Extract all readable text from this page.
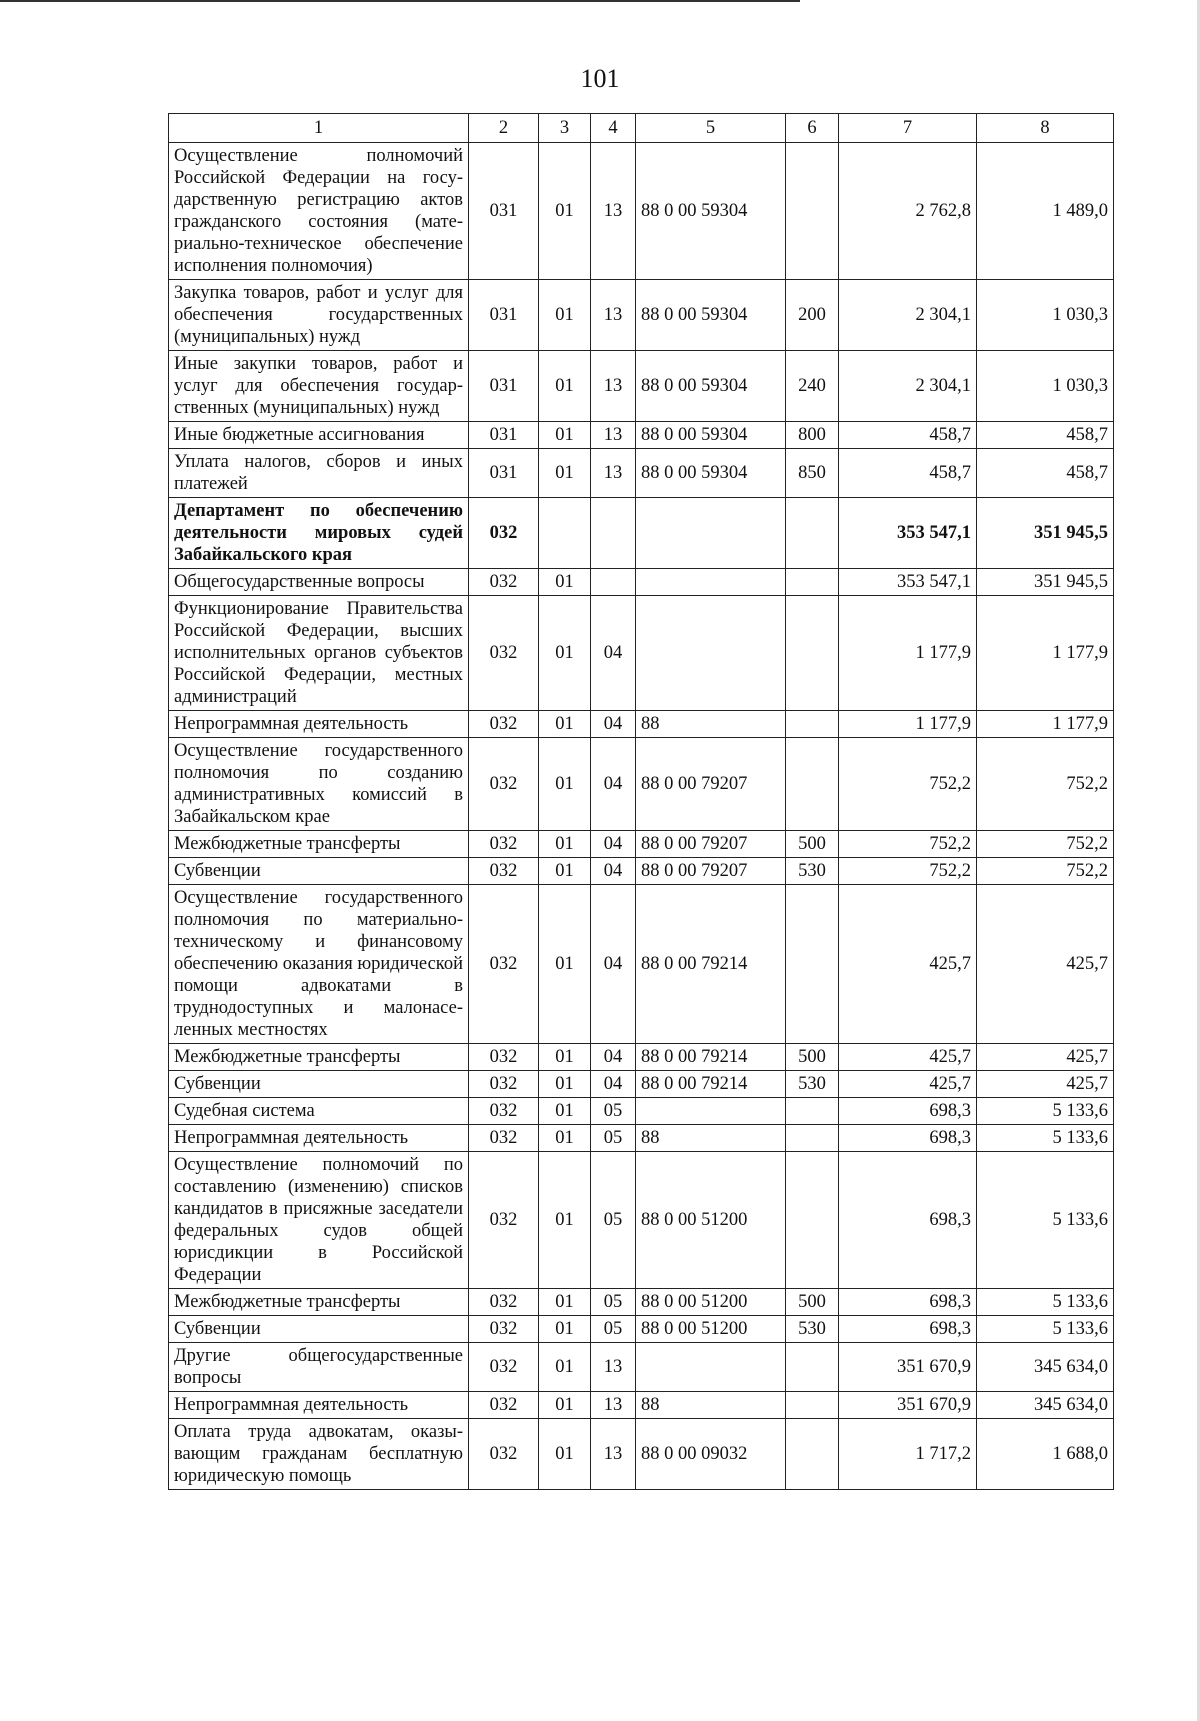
101
1	2	3	4	5	6	7	8
Осуществление полномочий Российской Федерации на государственную регистрацию актов гражданского состояния (материально-техническое обеспечение исполнения полномочия)	031	01	13	88 0 00 59304		2 762,8	1 489,0
Закупка товаров, работ и услуг для обеспечения государственных (муниципальных) нужд	031	01	13	88 0 00 59304	200	2 304,1	1 030,3
Иные закупки товаров, работ и услуг для обеспечения государственных (муниципальных) нужд	031	01	13	88 0 00 59304	240	2 304,1	1 030,3
Иные бюджетные ассигнования	031	01	13	88 0 00 59304	800	458,7	458,7
Уплата налогов, сборов и иных платежей	031	01	13	88 0 00 59304	850	458,7	458,7
Департамент по обеспечению деятельности мировых судей Забайкальского края	032					353 547,1	351 945,5
Общегосударственные вопросы	032	01				353 547,1	351 945,5
Функционирование Правительства Российской Федерации, высших исполнительных органов субъектов Российской Федерации, местных администраций	032	01	04			1 177,9	1 177,9
Непрограммная деятельность	032	01	04	88		1 177,9	1 177,9
Осуществление государственного полномочия по созданию административных комиссий в Забайкальском крае	032	01	04	88 0 00 79207		752,2	752,2
Межбюджетные трансферты	032	01	04	88 0 00 79207	500	752,2	752,2
Субвенции	032	01	04	88 0 00 79207	530	752,2	752,2
Осуществление государственного полномочия по материально-техническому и финансовому обеспечению оказания юридической помощи адвокатами в труднодоступных и малонаселенных местностях	032	01	04	88 0 00 79214		425,7	425,7
Межбюджетные трансферты	032	01	04	88 0 00 79214	500	425,7	425,7
Субвенции	032	01	04	88 0 00 79214	530	425,7	425,7
Судебная система	032	01	05			698,3	5 133,6
Непрограммная деятельность	032	01	05	88		698,3	5 133,6
Осуществление полномочий по составлению (изменению) списков кандидатов в присяжные заседатели федеральных судов общей юрисдикции в Российской Федерации	032	01	05	88 0 00 51200		698,3	5 133,6
Межбюджетные трансферты	032	01	05	88 0 00 51200	500	698,3	5 133,6
Субвенции	032	01	05	88 0 00 51200	530	698,3	5 133,6
Другие общегосударственные вопросы	032	01	13			351 670,9	345 634,0
Непрограммная деятельность	032	01	13	88		351 670,9	345 634,0
Оплата труда адвокатам, оказывающим гражданам бесплатную юридическую помощь	032	01	13	88 0 00 09032		1 717,2	1 688,0
